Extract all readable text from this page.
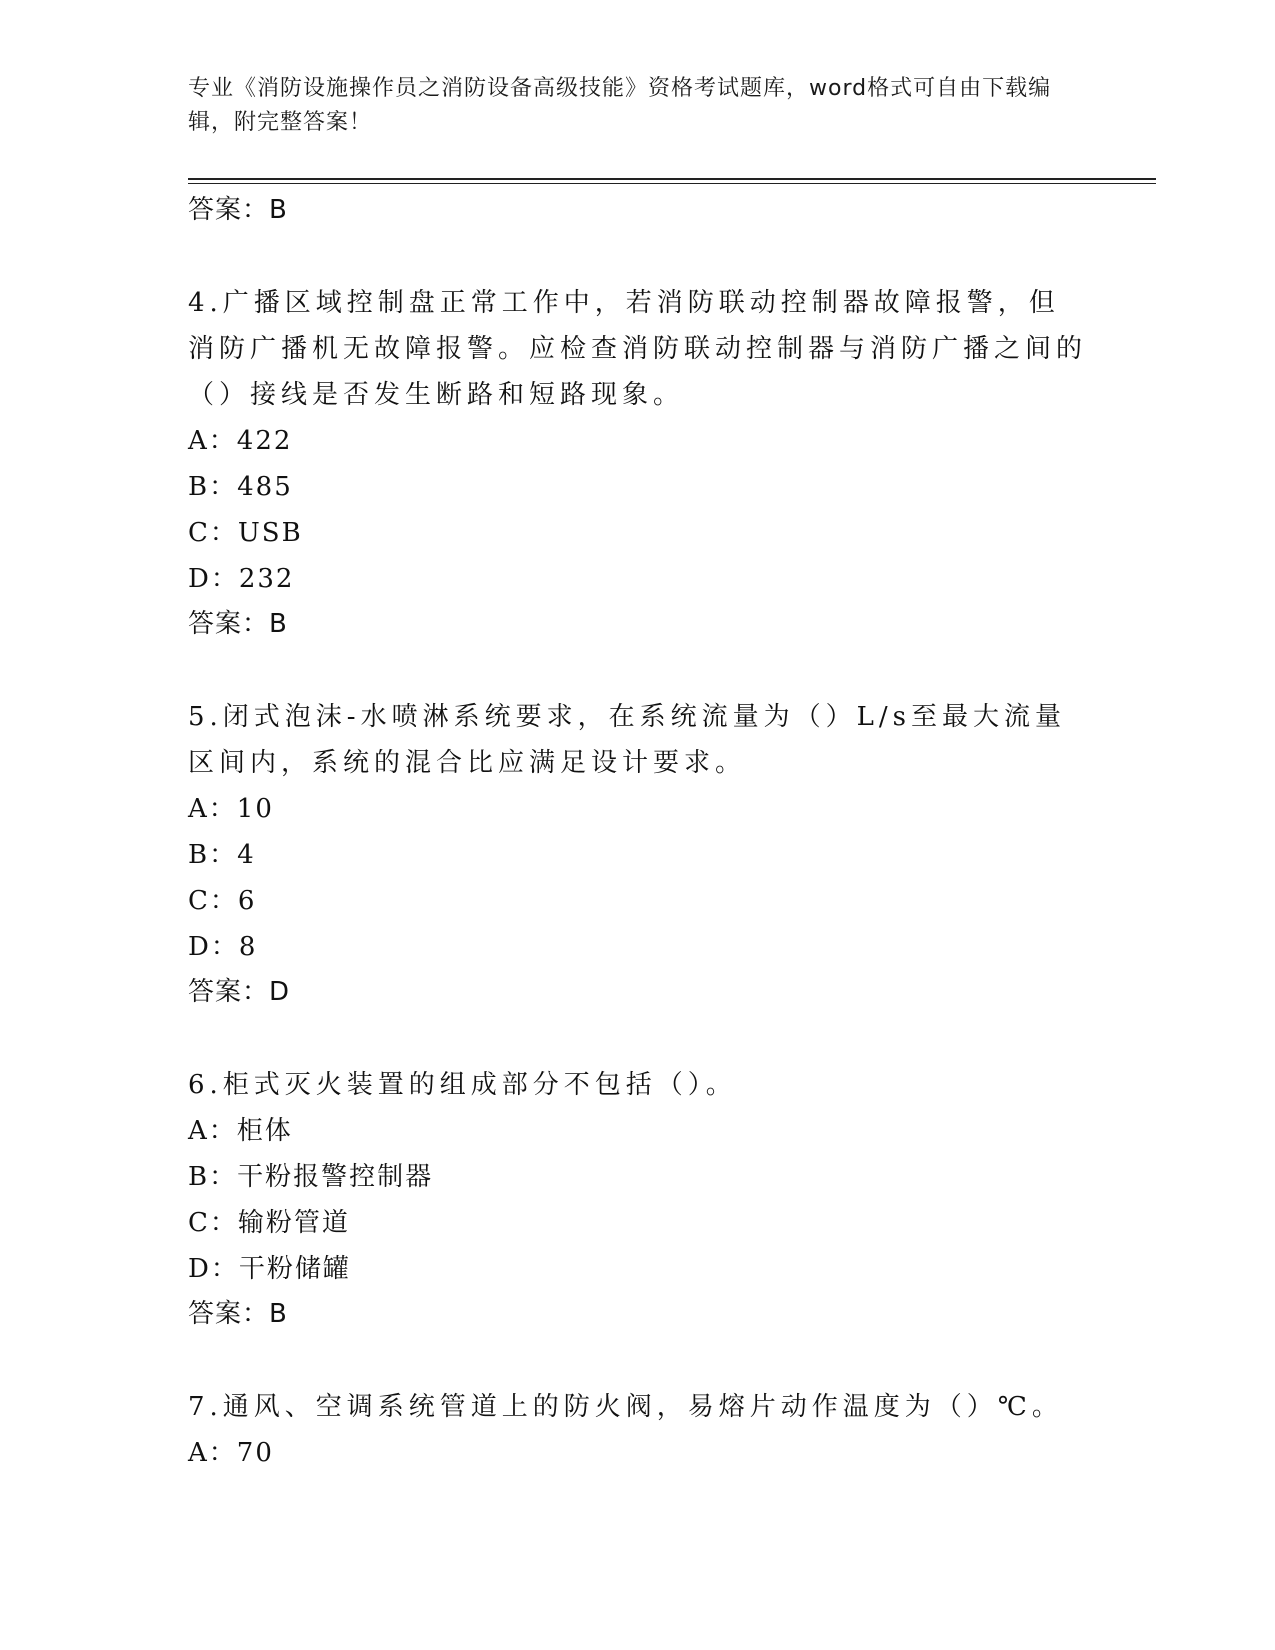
专业《消防设施操作员之消防设备高级技能》资格考试题库，word格式可自由下载编辑，附完整答案！
答案：B
4.广播区域控制盘正常工作中，若消防联动控制器故障报警，但消防广播机无故障报警。应检查消防联动控制器与消防广播之间的（）接线是否发生断路和短路现象。
A：422
B：485
C：USB
D：232
答案：B
5.闭式泡沫-水喷淋系统要求，在系统流量为（）L/s至最大流量区间内，系统的混合比应满足设计要求。
A：10
B：4
C：6
D：8
答案：D
6.柜式灭火装置的组成部分不包括（）。
A：柜体
B：干粉报警控制器
C：输粉管道
D：干粉储罐
答案：B
7.通风、空调系统管道上的防火阀，易熔片动作温度为（）℃。
A：70
